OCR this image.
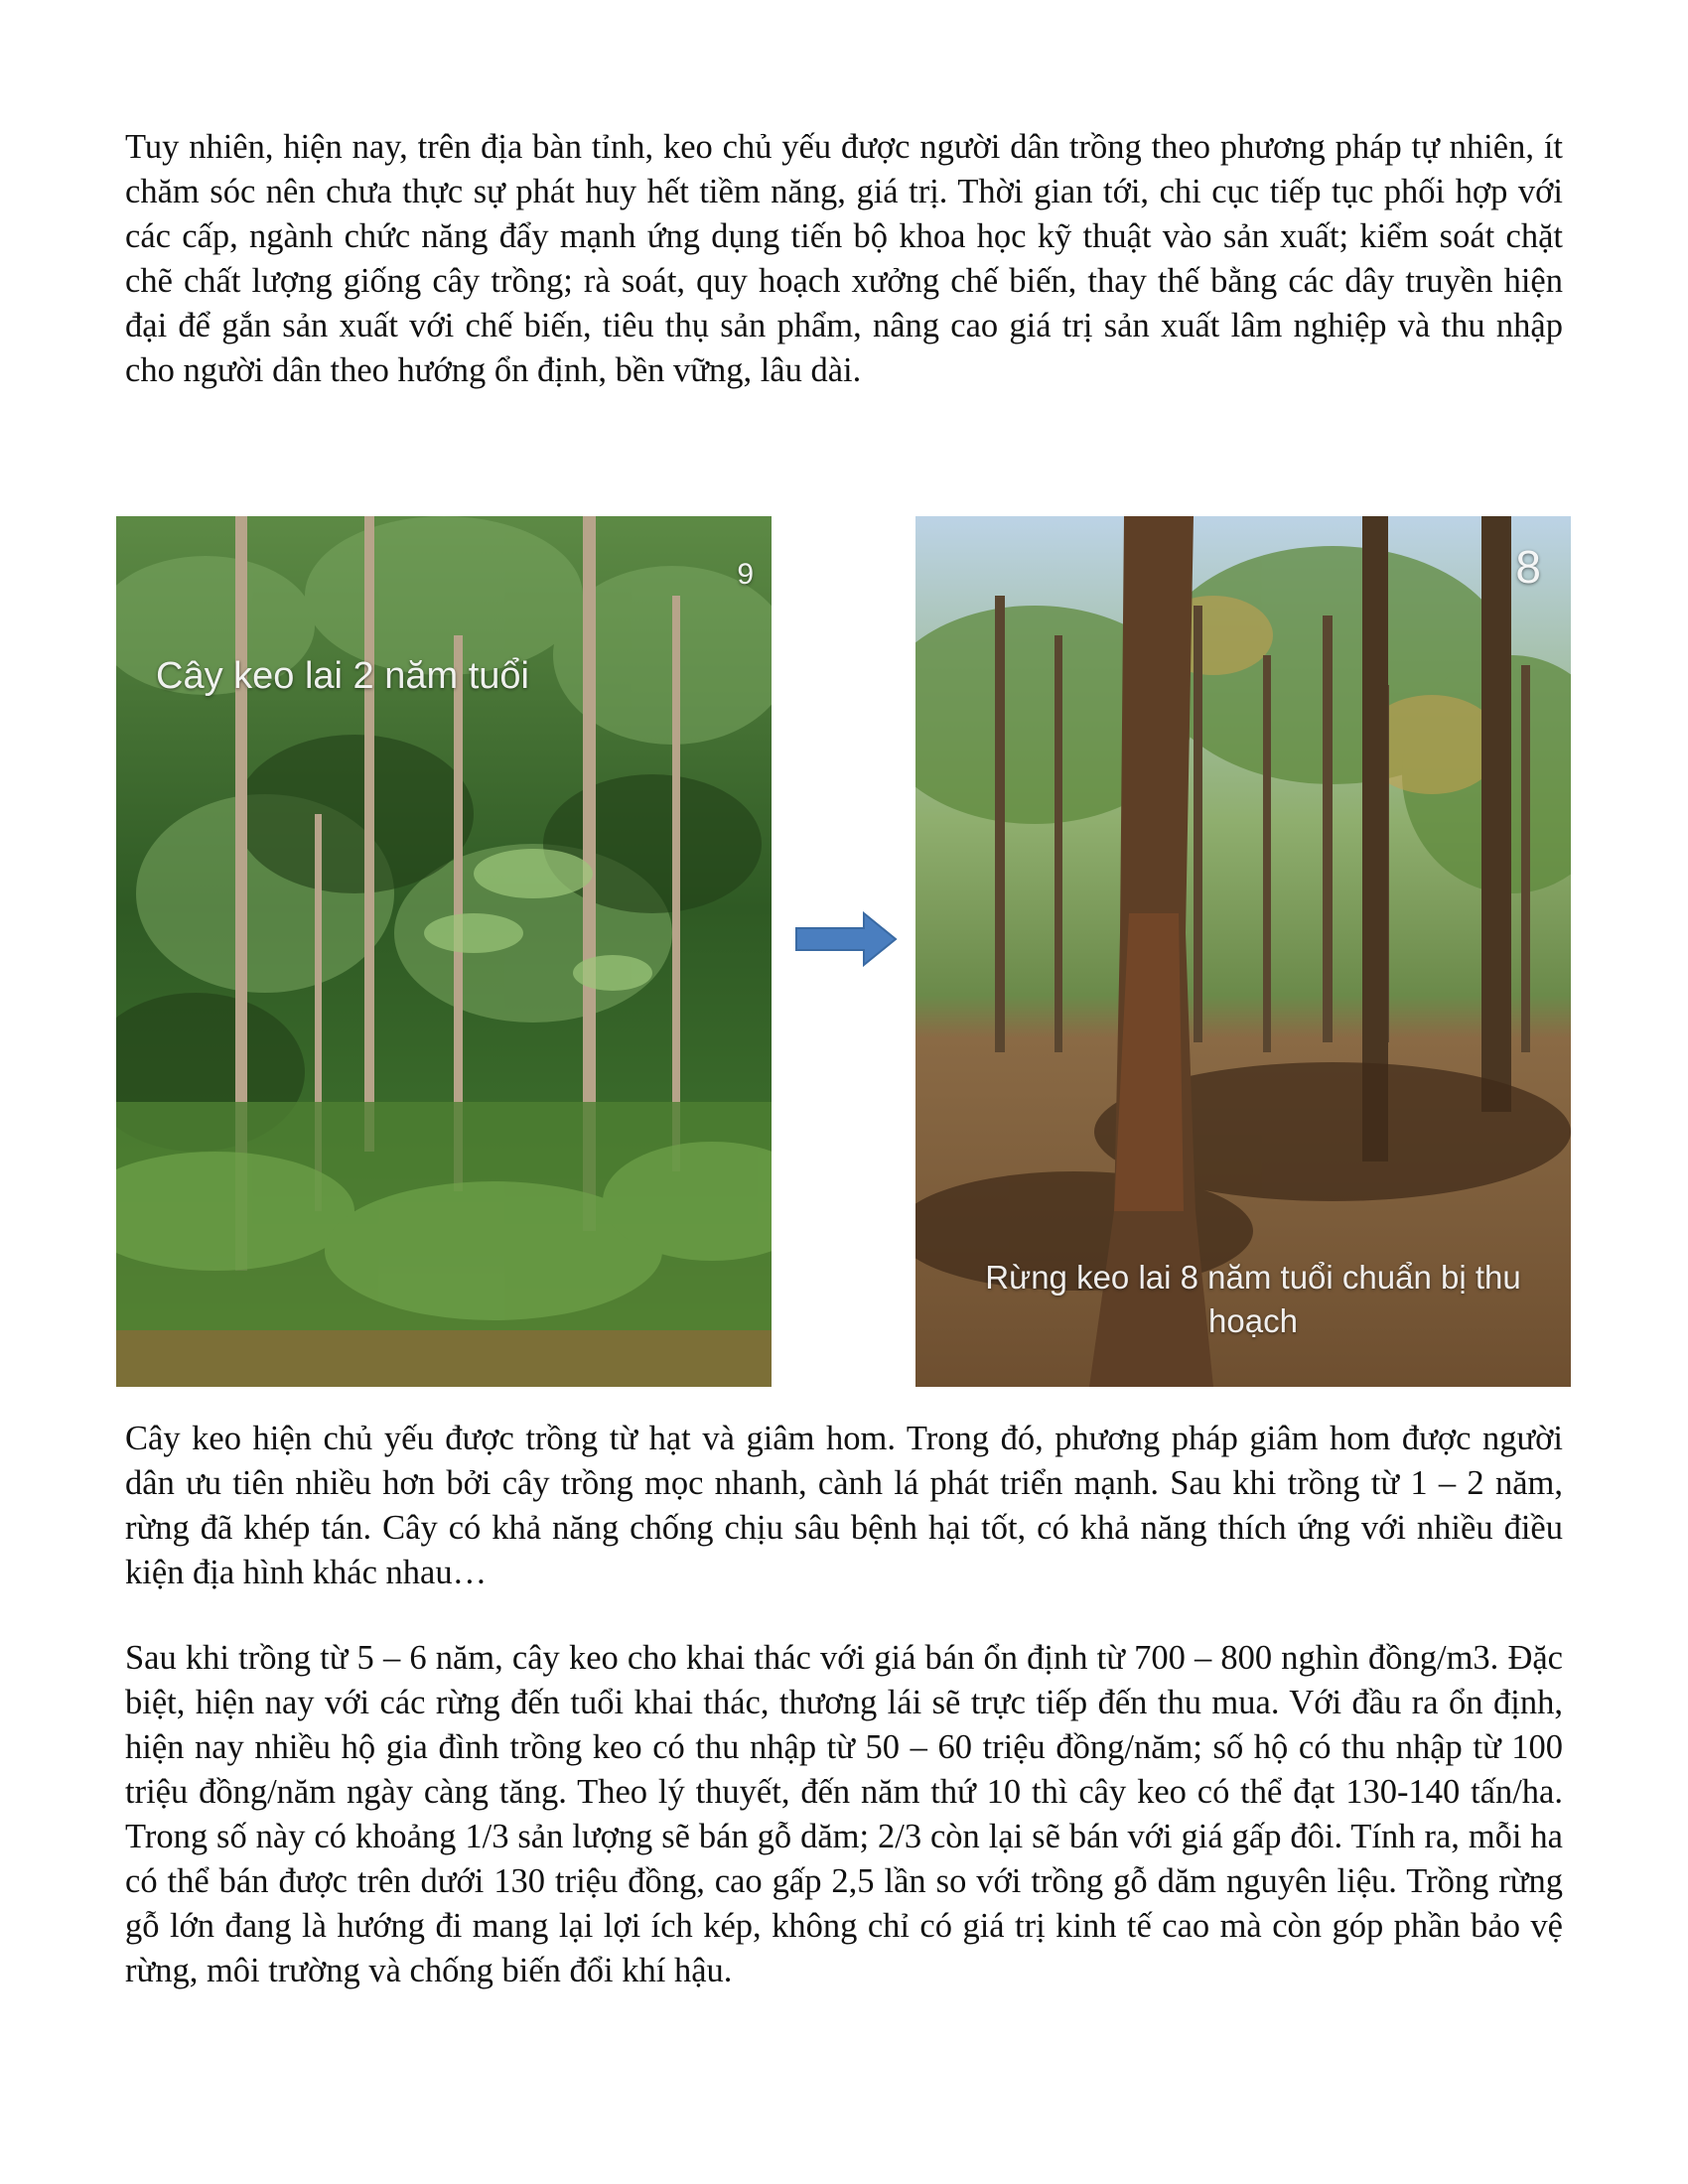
Tuy nhiên, hiện nay, trên địa bàn tỉnh, keo chủ yếu được người dân trồng theo phương pháp tự nhiên, ít chăm sóc nên chưa thực sự phát huy hết tiềm năng, giá trị. Thời gian tới, chi cục tiếp tục phối hợp với các cấp, ngành chức năng đẩy mạnh ứng dụng tiến bộ khoa học kỹ thuật vào sản xuất; kiểm soát chặt chẽ chất lượng giống cây trồng; rà soát, quy hoạch xưởng chế biến, thay thế bằng các dây truyền hiện đại để gắn sản xuất với chế biến, tiêu thụ sản phẩm, nâng cao giá trị sản xuất lâm nghiệp và thu nhập cho người dân theo hướng ổn định, bền vững, lâu dài.

Cây keo lai 2 năm tuổi
9	8
Rừng keo lai 8 năm tuổi chuẩn bị thu hoạch

Cây keo hiện chủ yếu được trồng từ hạt và giâm hom. Trong đó, phương pháp giâm hom được người dân ưu tiên nhiều hơn bởi cây trồng mọc nhanh, cành lá phát triển mạnh. Sau khi trồng từ 1 – 2 năm, rừng đã khép tán. Cây có khả năng chống chịu sâu bệnh hại tốt, có khả năng thích ứng với nhiều điều kiện địa hình khác nhau…

Sau khi trồng từ 5 – 6 năm, cây keo cho khai thác với giá bán ổn định từ 700 – 800 nghìn đồng/m3. Đặc biệt, hiện nay với các rừng đến tuổi khai thác, thương lái sẽ trực tiếp đến thu mua. Với đầu ra ổn định, hiện nay nhiều hộ gia đình trồng keo có thu nhập từ 50 – 60 triệu đồng/năm; số hộ có thu nhập từ 100 triệu đồng/năm ngày càng tăng. Theo lý thuyết, đến năm thứ 10 thì cây keo có thể đạt 130-140 tấn/ha. Trong số này có khoảng 1/3 sản lượng sẽ bán gỗ dăm; 2/3 còn lại sẽ bán với giá gấp đôi. Tính ra, mỗi ha có thể bán được trên dưới 130 triệu đồng, cao gấp 2,5 lần so với trồng gỗ dăm nguyên liệu. Trồng rừng gỗ lớn đang là hướng đi mang lại lợi ích kép, không chỉ có giá trị kinh tế cao mà còn góp phần bảo vệ rừng, môi trường và chống biến đổi khí hậu.
